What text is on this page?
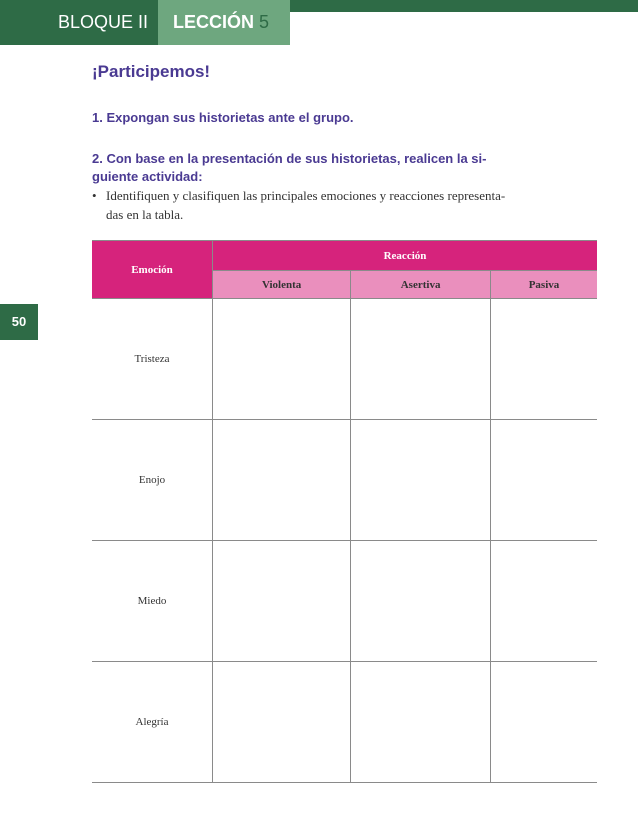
BLOQUE II	LECCIÓN 5
50
¡Participemos!

1. Expongan sus historietas ante el grupo.

2. Con base en la presentación de sus historietas, realicen la si- guiente actividad:

• Identifiquen y clasifiquen las principales emociones y reacciones representa- das en la tabla.
Emoción	Reacción		
	Violenta	Asertiva	Pasiva
Tristeza			
Enojo			
Miedo			
Alegría			
